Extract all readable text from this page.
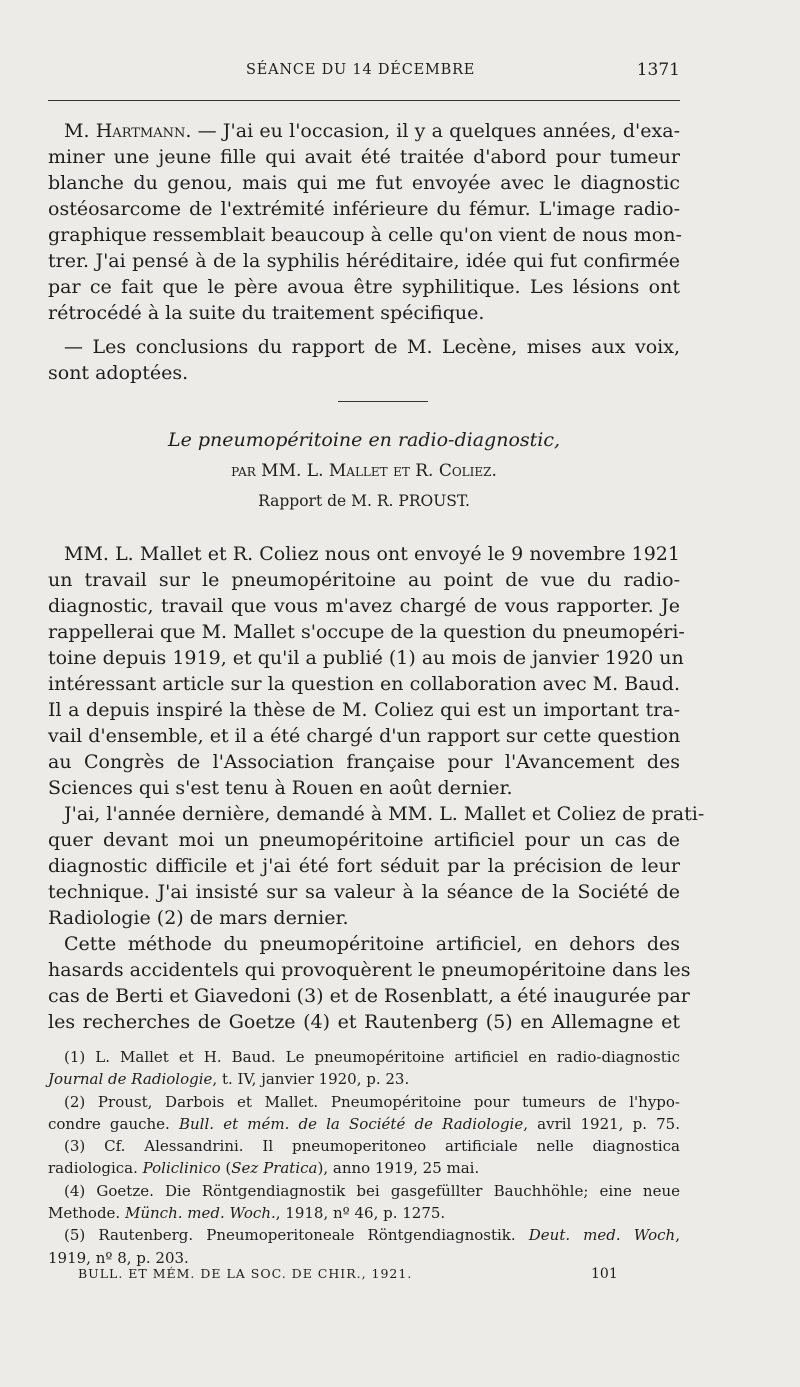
SÉANCE DU 14 DÉCEMBRE	1371
M. Hartmann. — J'ai eu l'occasion, il y a quelques années, d'exa-
miner une jeune fille qui avait été traitée d'abord pour tumeur
blanche du genou, mais qui me fut envoyée avec le diagnostic
ostéosarcome de l'extrémité inférieure du fémur. L'image radio-
graphique ressemblait beaucoup à celle qu'on vient de nous mon-
trer. J'ai pensé à de la syphilis héréditaire, idée qui fut confirmée
par ce fait que le père avoua être syphilitique. Les lésions ont
rétrocédé à la suite du traitement spécifique.
— Les conclusions du rapport de M. Lecène, mises aux voix,
sont adoptées.
Le pneumopéritoine en radio-diagnostic,
par MM. L. Mallet et R. Coliez.
Rapport de M. R. PROUST.
MM. L. Mallet et R. Coliez nous ont envoyé le 9 novembre 1921
un travail sur le pneumopéritoine au point de vue du radio-
diagnostic, travail que vous m'avez chargé de vous rapporter. Je
rappellerai que M. Mallet s'occupe de la question du pneumopéri-
toine depuis 1919, et qu'il a publié (1) au mois de janvier 1920 un
intéressant article sur la question en collaboration avec M. Baud.
Il a depuis inspiré la thèse de M. Coliez qui est un important tra-
vail d'ensemble, et il a été chargé d'un rapport sur cette question
au Congrès de l'Association française pour l'Avancement des
Sciences qui s'est tenu à Rouen en août dernier.
J'ai, l'année dernière, demandé à MM. L. Mallet et Coliez de prati-
quer devant moi un pneumopéritoine artificiel pour un cas de
diagnostic difficile et j'ai été fort séduit par la précision de leur
technique. J'ai insisté sur sa valeur à la séance de la Société de
Radiologie (2) de mars dernier.
Cette méthode du pneumopéritoine artificiel, en dehors des
hasards accidentels qui provoquèrent le pneumopéritoine dans les
cas de Berti et Giavedoni (3) et de Rosenblatt, a été inaugurée par
les recherches de Goetze (4) et Rautenberg (5) en Allemagne et
(1) L. Mallet et H. Baud. Le pneumopéritoine artificiel en radio-diagnostic
Journal de Radiologie, t. IV, janvier 1920, p. 23.
(2) Proust, Darbois et Mallet. Pneumopéritoine pour tumeurs de l'hypo-
condre gauche. Bull. et mém. de la Société de Radiologie, avril 1921, p. 75.
(3) Cf. Alessandrini. Il pneumoperitoneo artificiale nelle diagnostica
radiologica. Policlinico (Sez Pratica), anno 1919, 25 mai.
(4) Goetze. Die Röntgendiagnostik bei gasgefüllter Bauchhöhle; eine neue
Methode. Münch. med. Woch., 1918, nº 46, p. 1275.
(5) Rautenberg. Pneumoperitoneale Röntgendiagnostik. Deut. med. Woch,
1919, nº 8, p. 203.
BULL. ET MÉM. DE LA SOC. DE CHIR., 1921.	101
